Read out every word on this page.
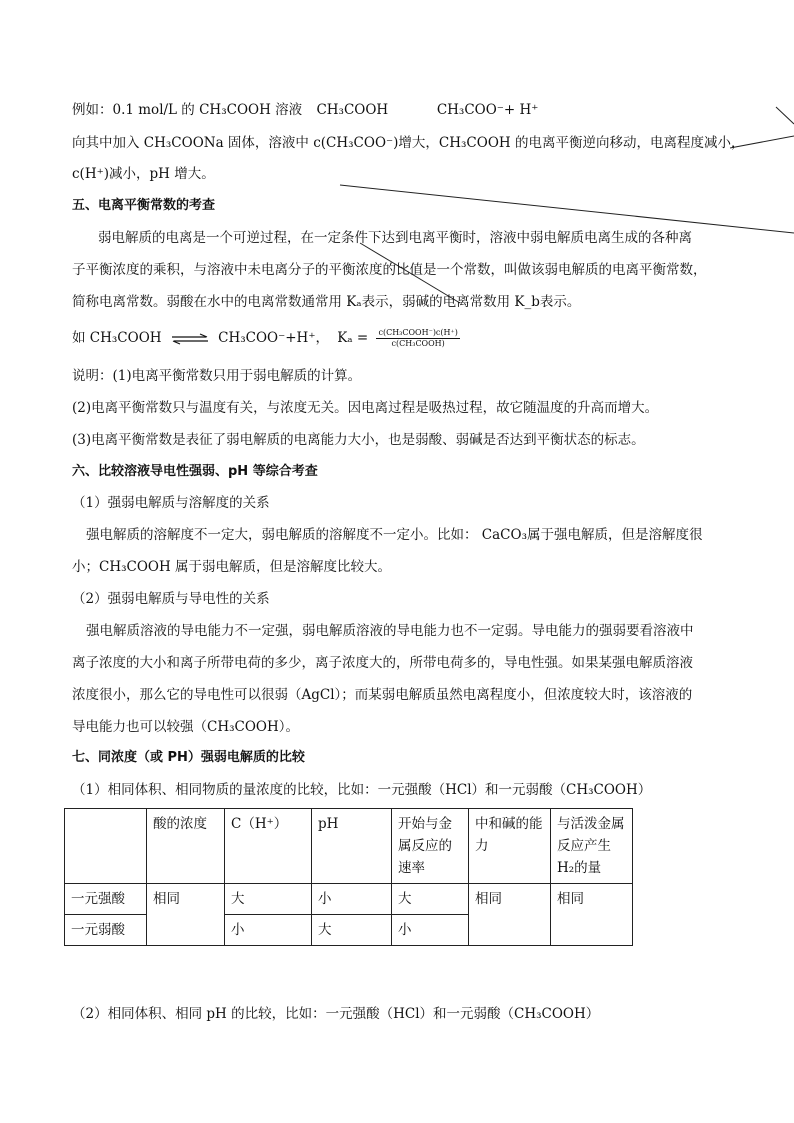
例如：0.1 mol/L 的 CH₃COOH 溶液 CH₃COOH	CH₃COO⁻+ H⁺
向其中加入 CH₃COONa 固体，溶液中 c(CH₃COO⁻)增大，CH₃COOH 的电离平衡逆向移动，电离程度减小，
c(H⁺)减小，pH 增大。
五、电离平衡常数的考查
弱电解质的电离是一个可逆过程，在一定条件下达到电离平衡时，溶液中弱电解质电离生成的各种离
子平衡浓度的乘积，与溶液中未电离分子的平衡浓度的比值是一个常数，叫做该弱电解质的电离平衡常数，
简称电离常数。弱酸在水中的电离常数通常用 Kₐ表示，弱碱的电离常数用 K_b表示。
如 CH₃COOH ⇌ CH₃COO⁻+H⁺， $K_a = \frac{\text{c(CH₃COOH⁻)c(H⁺)}}{\text{c(CH₃COOH)}}$
说明：(1)电离平衡常数只用于弱电解质的计算。
(2)电离平衡常数只与温度有关，与浓度无关。因电离过程是吸热过程，故它随温度的升高而增大。
(3)电离平衡常数是表征了弱电解质的电离能力大小，也是弱酸、弱碱是否达到平衡状态的标志。
六、比较溶液导电性强弱、pH 等综合考查
（1）强弱电解质与溶解度的关系
强电解质的溶解度不一定大，弱电解质的溶解度不一定小。比如： CaCO₃属于强电解质，但是溶解度很
小；CH₃COOH 属于弱电解质，但是溶解度比较大。
（2）强弱电解质与导电性的关系
强电解质溶液的导电能力不一定强，弱电解质溶液的导电能力也不一定弱。导电能力的强弱要看溶液中
离子浓度的大小和离子所带电荷的多少，离子浓度大的，所带电荷多的，导电性强。如果某强电解质溶液
浓度很小，那么它的导电性可以很弱（AgCl）；而某弱电解质虽然电离程度小，但浓度较大时，该溶液的
导电能力也可以较强（CH₃COOH）。
七、同浓度（或 PH）强弱电解质的比较
（1）相同体积、相同物质的量浓度的比较，比如：一元强酸（HCl）和一元弱酸（CH₃COOH）
	酸的浓度	C（H⁺）	pH	开始与金属反应的速率	中和碱的能力	与活泼金属反应产生H₂的量
一元强酸	相同	大	小	大	相同	相同
一元弱酸		小	大	小		
（2）相同体积、相同 pH 的比较，比如：一元强酸（HCl）和一元弱酸（CH₃COOH）
